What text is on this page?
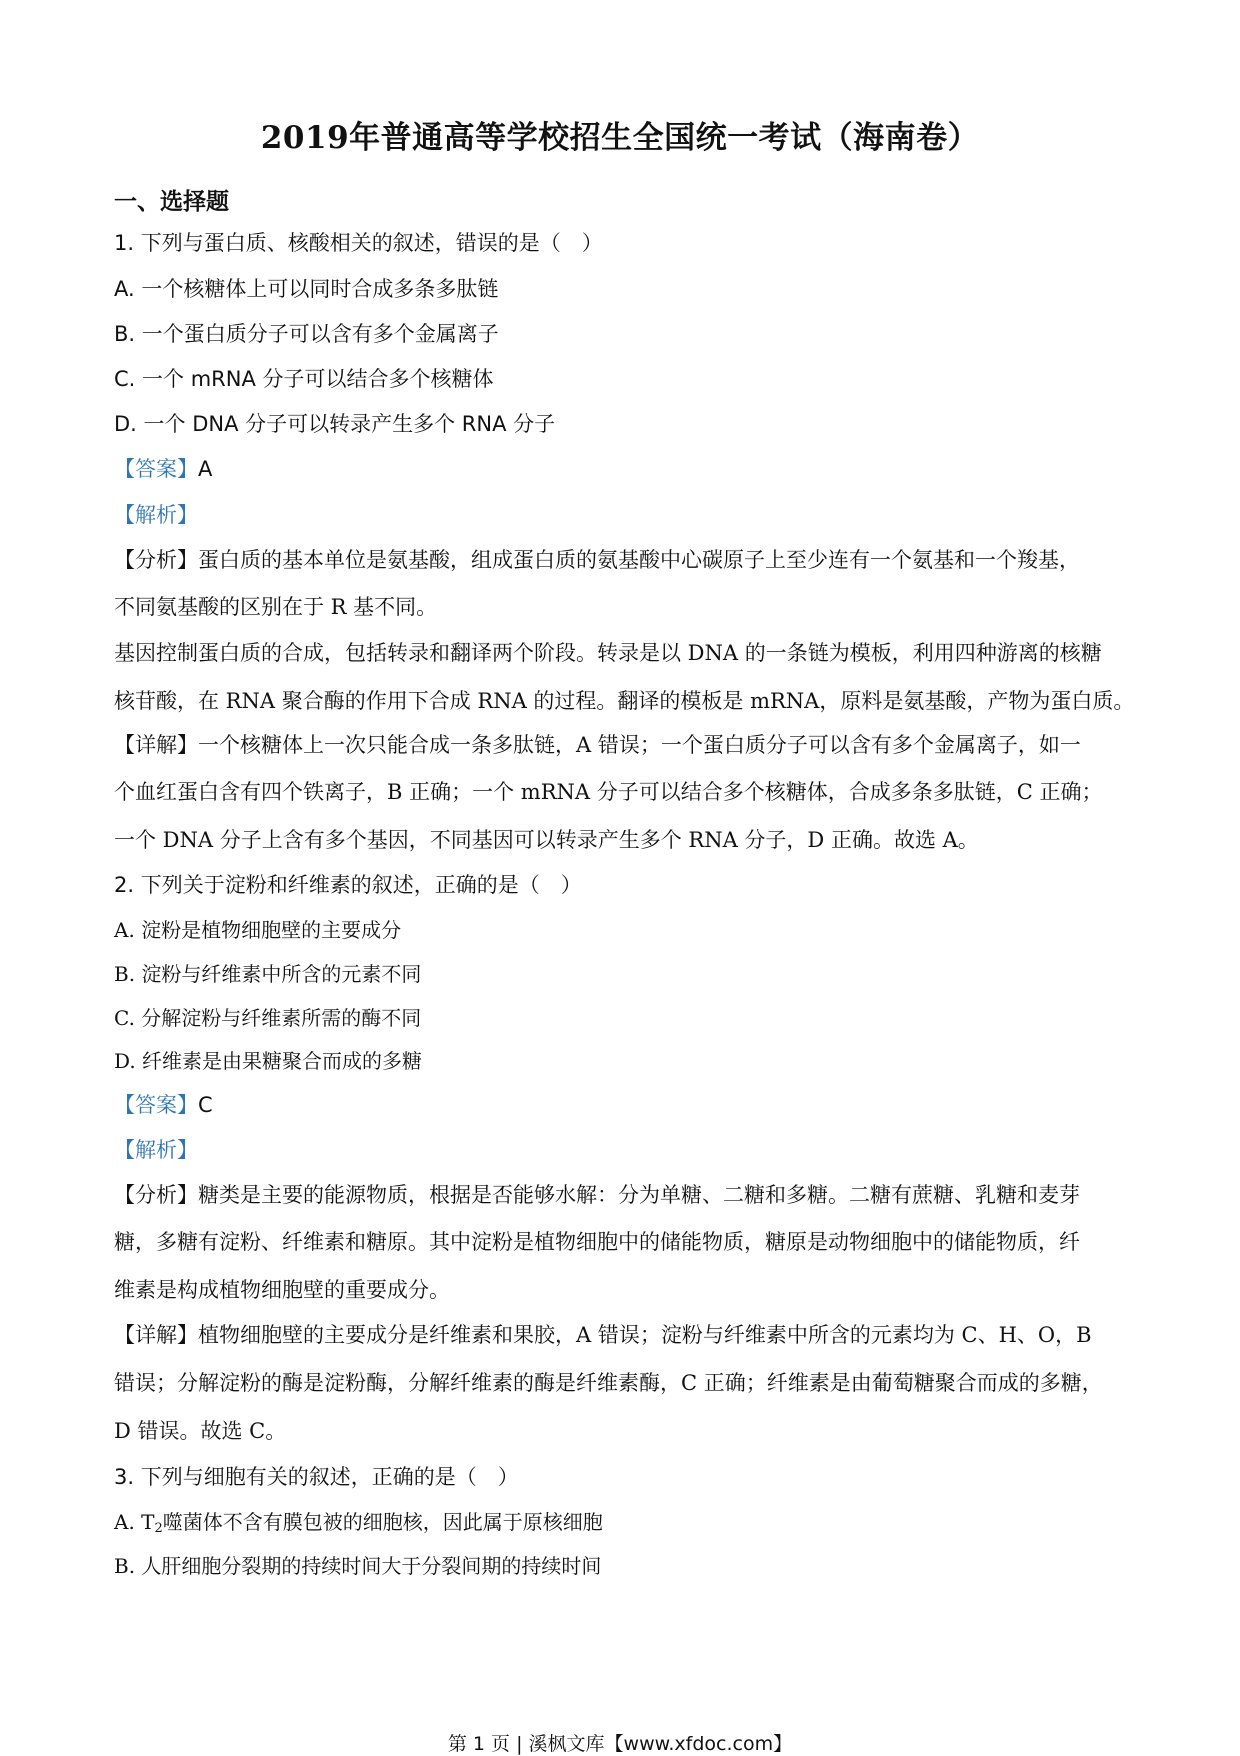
2019年普通高等学校招生全国统一考试（海南卷）
一、选择题
1. 下列与蛋白质、核酸相关的叙述，错误的是（　）
A. 一个核糖体上可以同时合成多条多肽链
B. 一个蛋白质分子可以含有多个金属离子
C. 一个 mRNA 分子可以结合多个核糖体
D. 一个 DNA 分子可以转录产生多个 RNA 分子
【答案】A
【解析】
【分析】蛋白质的基本单位是氨基酸，组成蛋白质的氨基酸中心碳原子上至少连有一个氨基和一个羧基，
不同氨基酸的区别在于 R 基不同。
基因控制蛋白质的合成，包括转录和翻译两个阶段。转录是以 DNA 的一条链为模板，利用四种游离的核糖
核苷酸，在 RNA 聚合酶的作用下合成 RNA 的过程。翻译的模板是 mRNA，原料是氨基酸，产物为蛋白质。
【详解】一个核糖体上一次只能合成一条多肽链，A 错误；一个蛋白质分子可以含有多个金属离子，如一
个血红蛋白含有四个铁离子，B 正确；一个 mRNA 分子可以结合多个核糖体，合成多条多肽链，C 正确；
一个 DNA 分子上含有多个基因，不同基因可以转录产生多个 RNA 分子，D 正确。故选 A。
2. 下列关于淀粉和纤维素的叙述，正确的是（　）
A. 淀粉是植物细胞壁的主要成分
B. 淀粉与纤维素中所含的元素不同
C. 分解淀粉与纤维素所需的酶不同
D. 纤维素是由果糖聚合而成的多糖
【答案】C
【解析】
【分析】糖类是主要的能源物质，根据是否能够水解：分为单糖、二糖和多糖。二糖有蔗糖、乳糖和麦芽
糖，多糖有淀粉、纤维素和糖原。其中淀粉是植物细胞中的储能物质，糖原是动物细胞中的储能物质，纤
维素是构成植物细胞壁的重要成分。
【详解】植物细胞壁的主要成分是纤维素和果胶，A 错误；淀粉与纤维素中所含的元素均为 C、H、O，B
错误；分解淀粉的酶是淀粉酶，分解纤维素的酶是纤维素酶，C 正确；纤维素是由葡萄糖聚合而成的多糖，
D 错误。故选 C。
3. 下列与细胞有关的叙述，正确的是（　）
A. $T_2$噬菌体不含有膜包被的细胞核，因此属于原核细胞
B. 人肝细胞分裂期的持续时间大于分裂间期的持续时间
第 1 页 | 溪枫文库【www.xfdoc.com】
